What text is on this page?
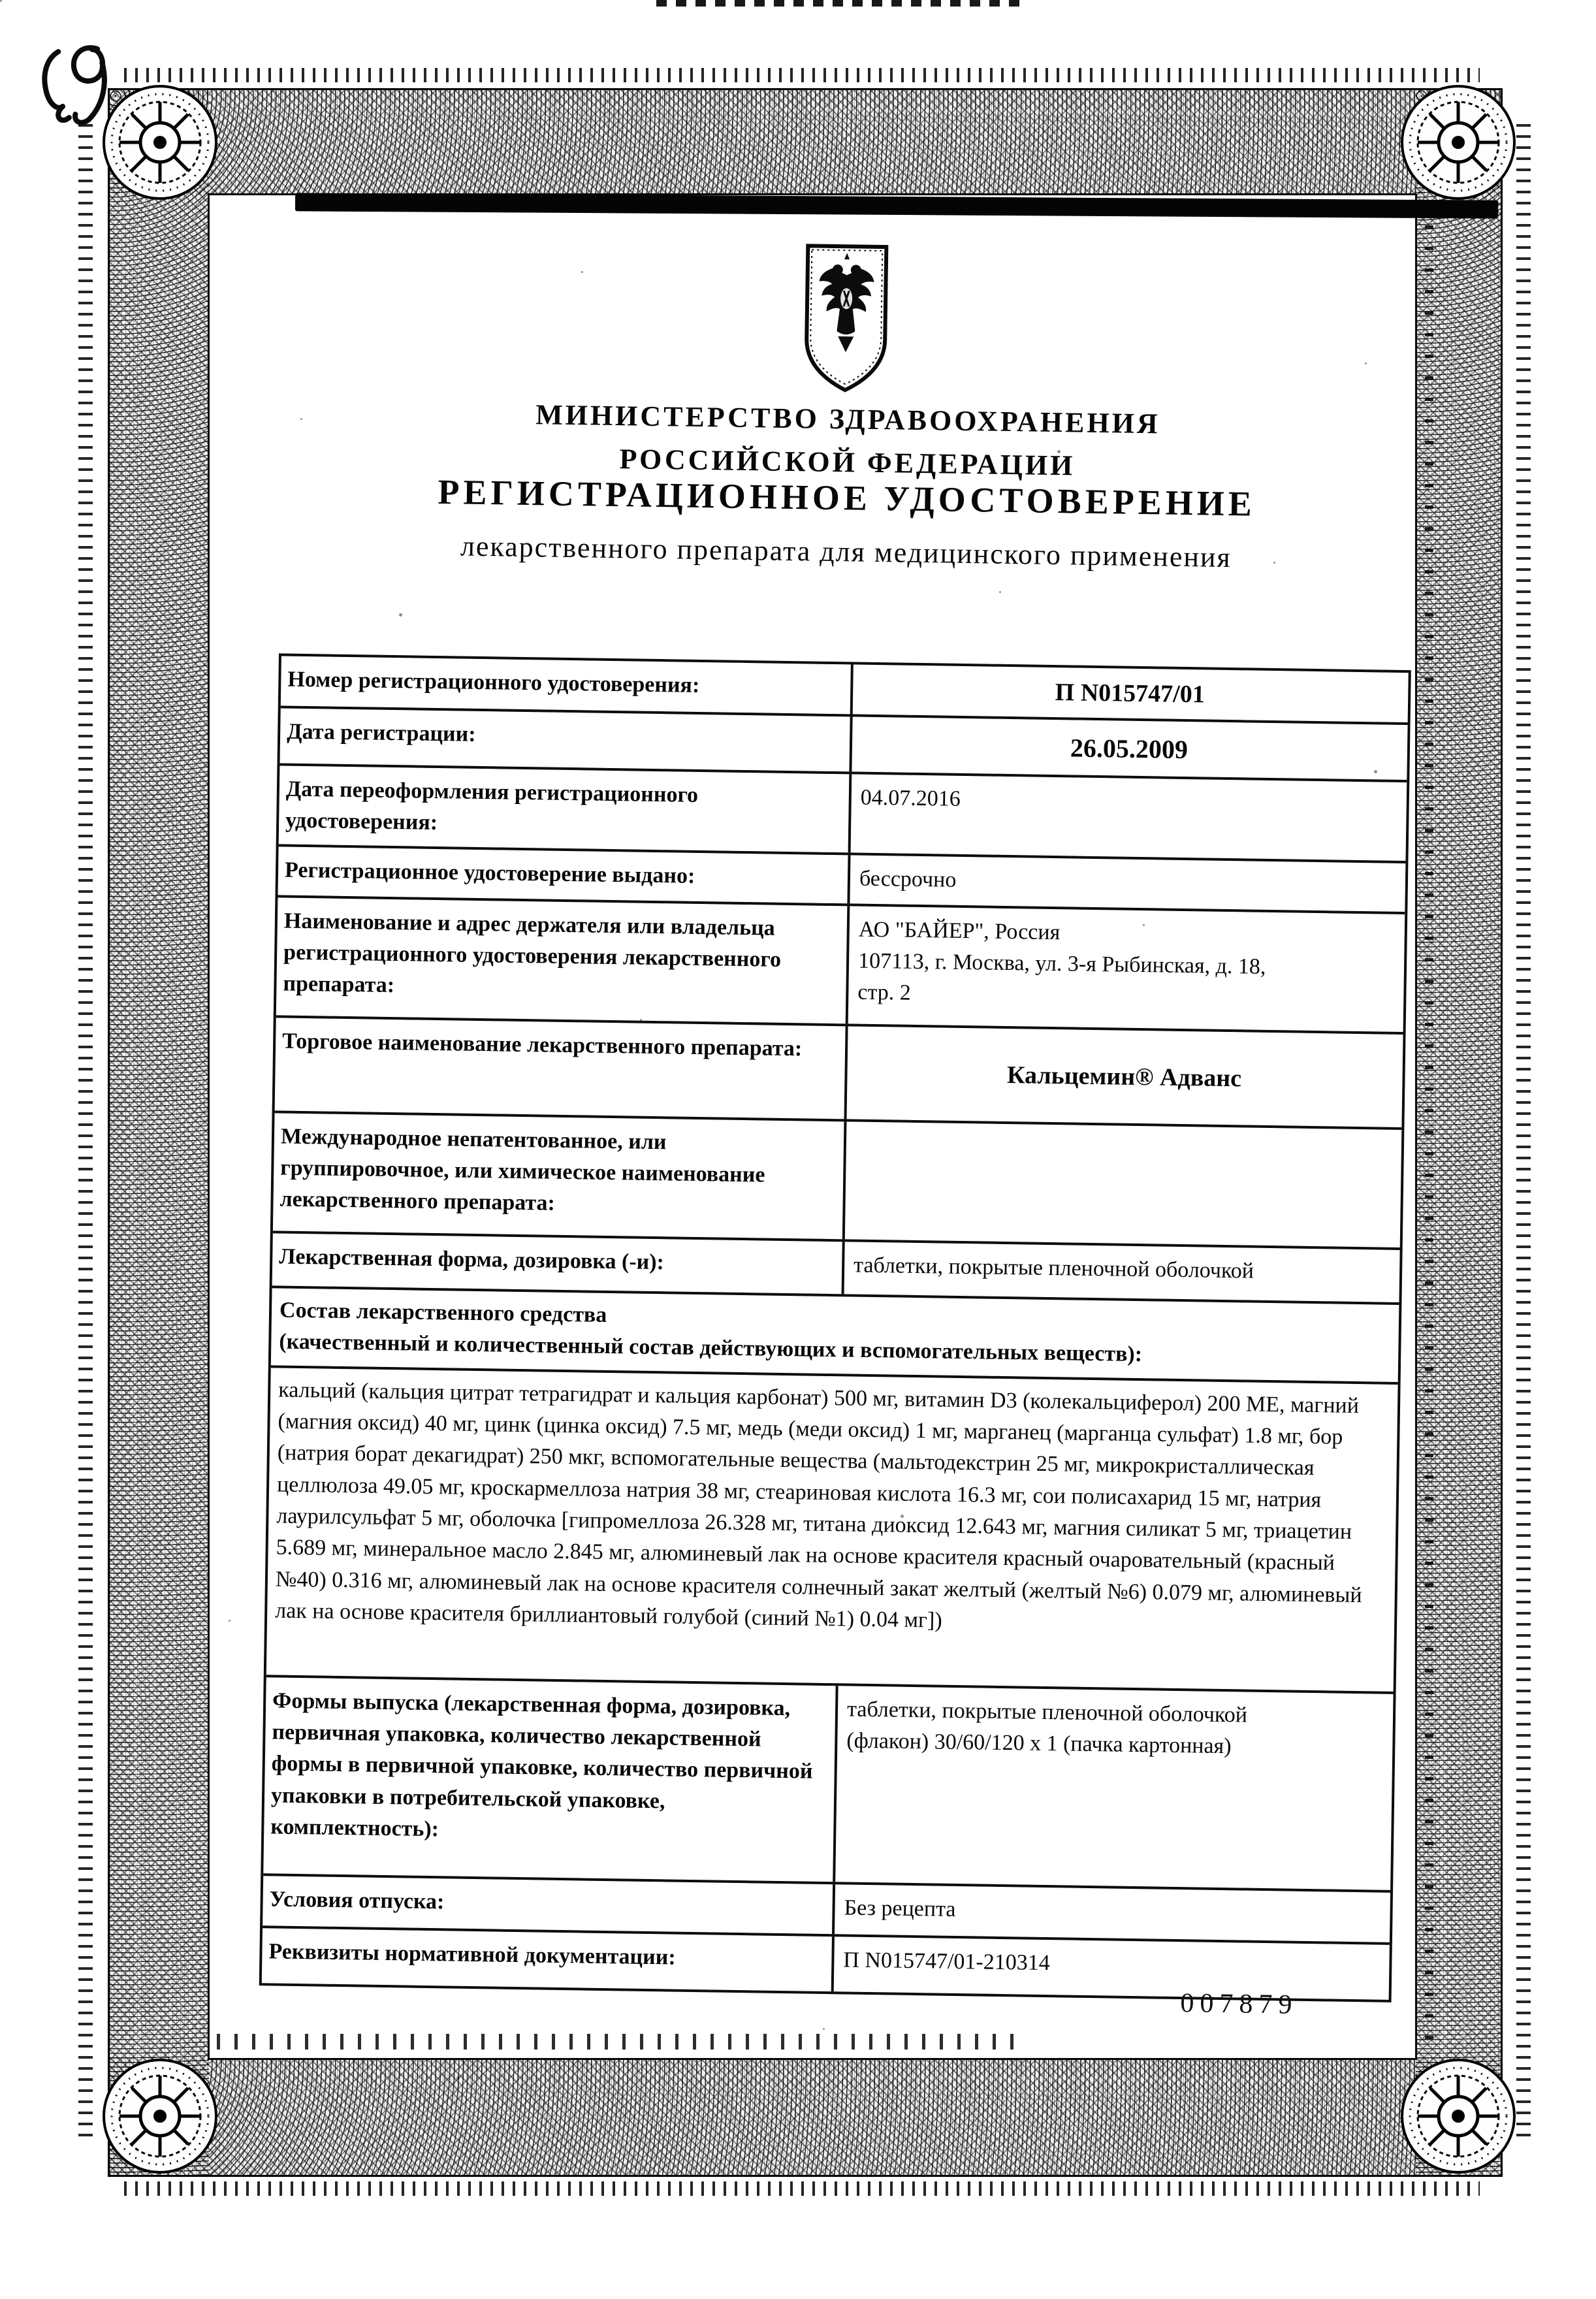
МИНИСТЕРСТВО ЗДРАВООХРАНЕНИЯ
РОССИЙСКОЙ ФЕДЕРАЦИИ
РЕГИСТРАЦИОННОЕ УДОСТОВЕРЕНИЕ
лекарственного препарата для медицинского применения
Номер регистрационного удостоверения:	П N015747/01
Дата регистрации:	26.05.2009
Дата переоформления регистрационного удостоверения:
04.07.2016
Регистрационное удостоверение выдано:	бессрочно
Наименование и адрес держателя или владельца регистрационного удостоверения лекарственного препарата:
АО "БАЙЕР", Россия
107113, г. Москва, ул. 3-я Рыбинская, д. 18,
стр. 2
Торговое наименование лекарственного препарата:
Кальцемин® Адванс
Международное непатентованное, или группировочное, или химическое наименование лекарственного препарата:
Лекарственная форма, дозировка (-и):	таблетки, покрытые пленочной оболочкой
Состав лекарственного средства
(качественный и количественный состав действующих и вспомогательных веществ):
кальций (кальция цитрат тетрагидрат и кальция карбонат) 500 мг, витамин D3 (колекальциферол) 200 МЕ, магний (магния оксид) 40 мг, цинк (цинка оксид) 7.5 мг, медь (меди оксид) 1 мг, марганец (марганца сульфат) 1.8 мг, бор (натрия борат декагидрат) 250 мкг, вспомогательные вещества (мальтодекстрин 25 мг, микрокристаллическая целлюлоза 49.05 мг, кроскармеллоза натрия 38 мг, стеариновая кислота 16.3 мг, сои полисахарид 15 мг, натрия лаурилсульфат 5 мг, оболочка [гипромеллоза 26.328 мг, титана диоксид 12.643 мг, магния силикат 5 мг, триацетин 5.689 мг, минеральное масло 2.845 мг, алюминевый лак на основе красителя красный очаровательный (красный №40) 0.316 мг, алюминевый лак на основе красителя солнечный закат желтый (желтый №6) 0.079 мг, алюминевый лак на основе красителя бриллиантовый голубой (синий №1) 0.04 мг])
Формы выпуска (лекарственная форма, дозировка, первичная упаковка, количество лекарственной формы в первичной упаковке, количество первичной упаковки в потребительской упаковке, комплектность):
таблетки, покрытые пленочной оболочкой
(флакон) 30/60/120 х 1 (пачка картонная)
Условия отпуска:	Без рецепта
Реквизиты нормативной документации:	П N015747/01-210314
007879
